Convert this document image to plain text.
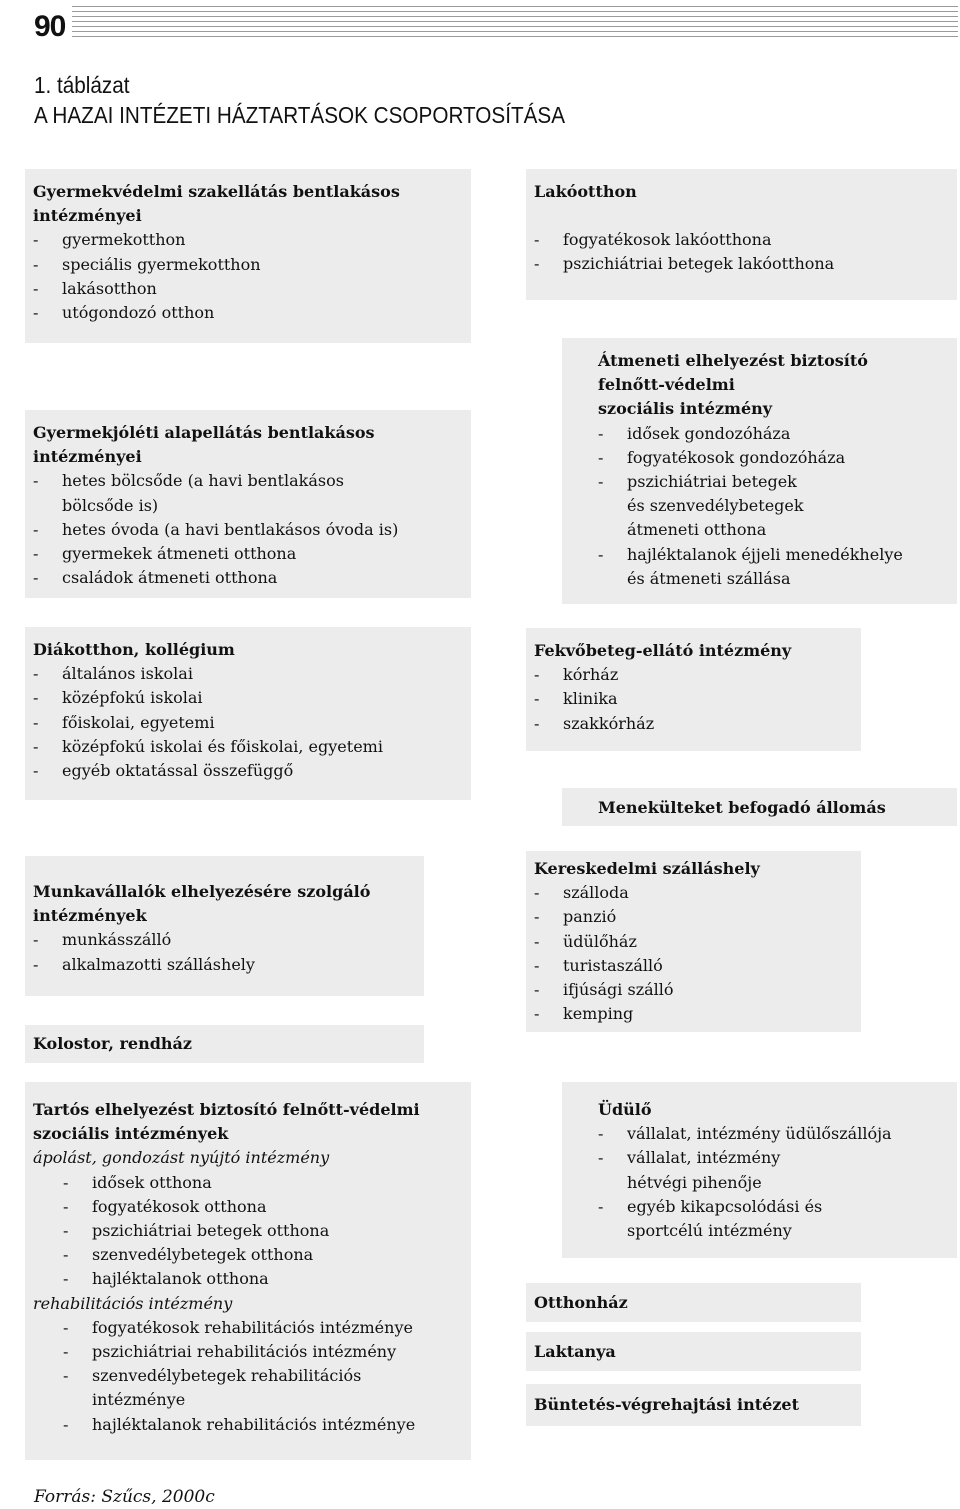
90
1. táblázat
A HAZAI INTÉZETI HÁZTARTÁSOK CSOPORTOSÍTÁSA
Gyermekvédelmi szakellátás bentlakásos
intézményei
- gyermekotthon
- speciális gyermekotthon
- lakásotthon
- utógondozó otthon
Lakóotthon
- fogyatékosok lakóotthona
- pszichiátriai betegek lakóotthona
Átmeneti elhelyezést biztosító
felnőtt-védelmi
szociális intézmény
- idősek gondozóháza
- fogyatékosok gondozóháza
- pszichiátriai betegek
és szenvedélybetegek
átmeneti otthona
- hajléktalanok éjjeli menedékhelye
és átmeneti szállása
Gyermekjóléti alapellátás bentlakásos
intézményei
- hetes bölcsőde (a havi bentlakásos
bölcsőde is)
- hetes óvoda (a havi bentlakásos óvoda is)
- gyermekek átmeneti otthona
- családok átmeneti otthona
Diákotthon, kollégium
- általános iskolai
- középfokú iskolai
- főiskolai, egyetemi
- középfokú iskolai és főiskolai, egyetemi
- egyéb oktatással összefüggő
Fekvőbeteg-ellátó intézmény
- kórház
- klinika
- szakkórház
Menekülteket befogadó állomás
Munkavállalók elhelyezésére szolgáló
intézmények
- munkásszálló
- alkalmazotti szálláshely
Kereskedelmi szálláshely
- szálloda
- panzió
- üdülőház
- turistaszálló
- ifjúsági szálló
- kemping
Kolostor, rendház
Tartós elhelyezést biztosító felnőtt-védelmi
szociális intézmények
ápolást, gondozást nyújtó intézmény
- idősek otthona
- fogyatékosok otthona
- pszichiátriai betegek otthona
- szenvedélybetegek otthona
- hajléktalanok otthona
rehabilitációs intézmény
- fogyatékosok rehabilitációs intézménye
- pszichiátriai rehabilitációs intézmény
- szenvedélybetegek rehabilitációs
intézménye
- hajléktalanok rehabilitációs intézménye
Üdülő
- vállalat, intézmény üdülőszállója
- vállalat, intézmény
hétvégi pihenője
- egyéb kikapcsolódási és
sportcélú intézmény
Otthonház
Laktanya
Büntetés-végrehajtási intézet
Forrás: Szűcs, 2000c
